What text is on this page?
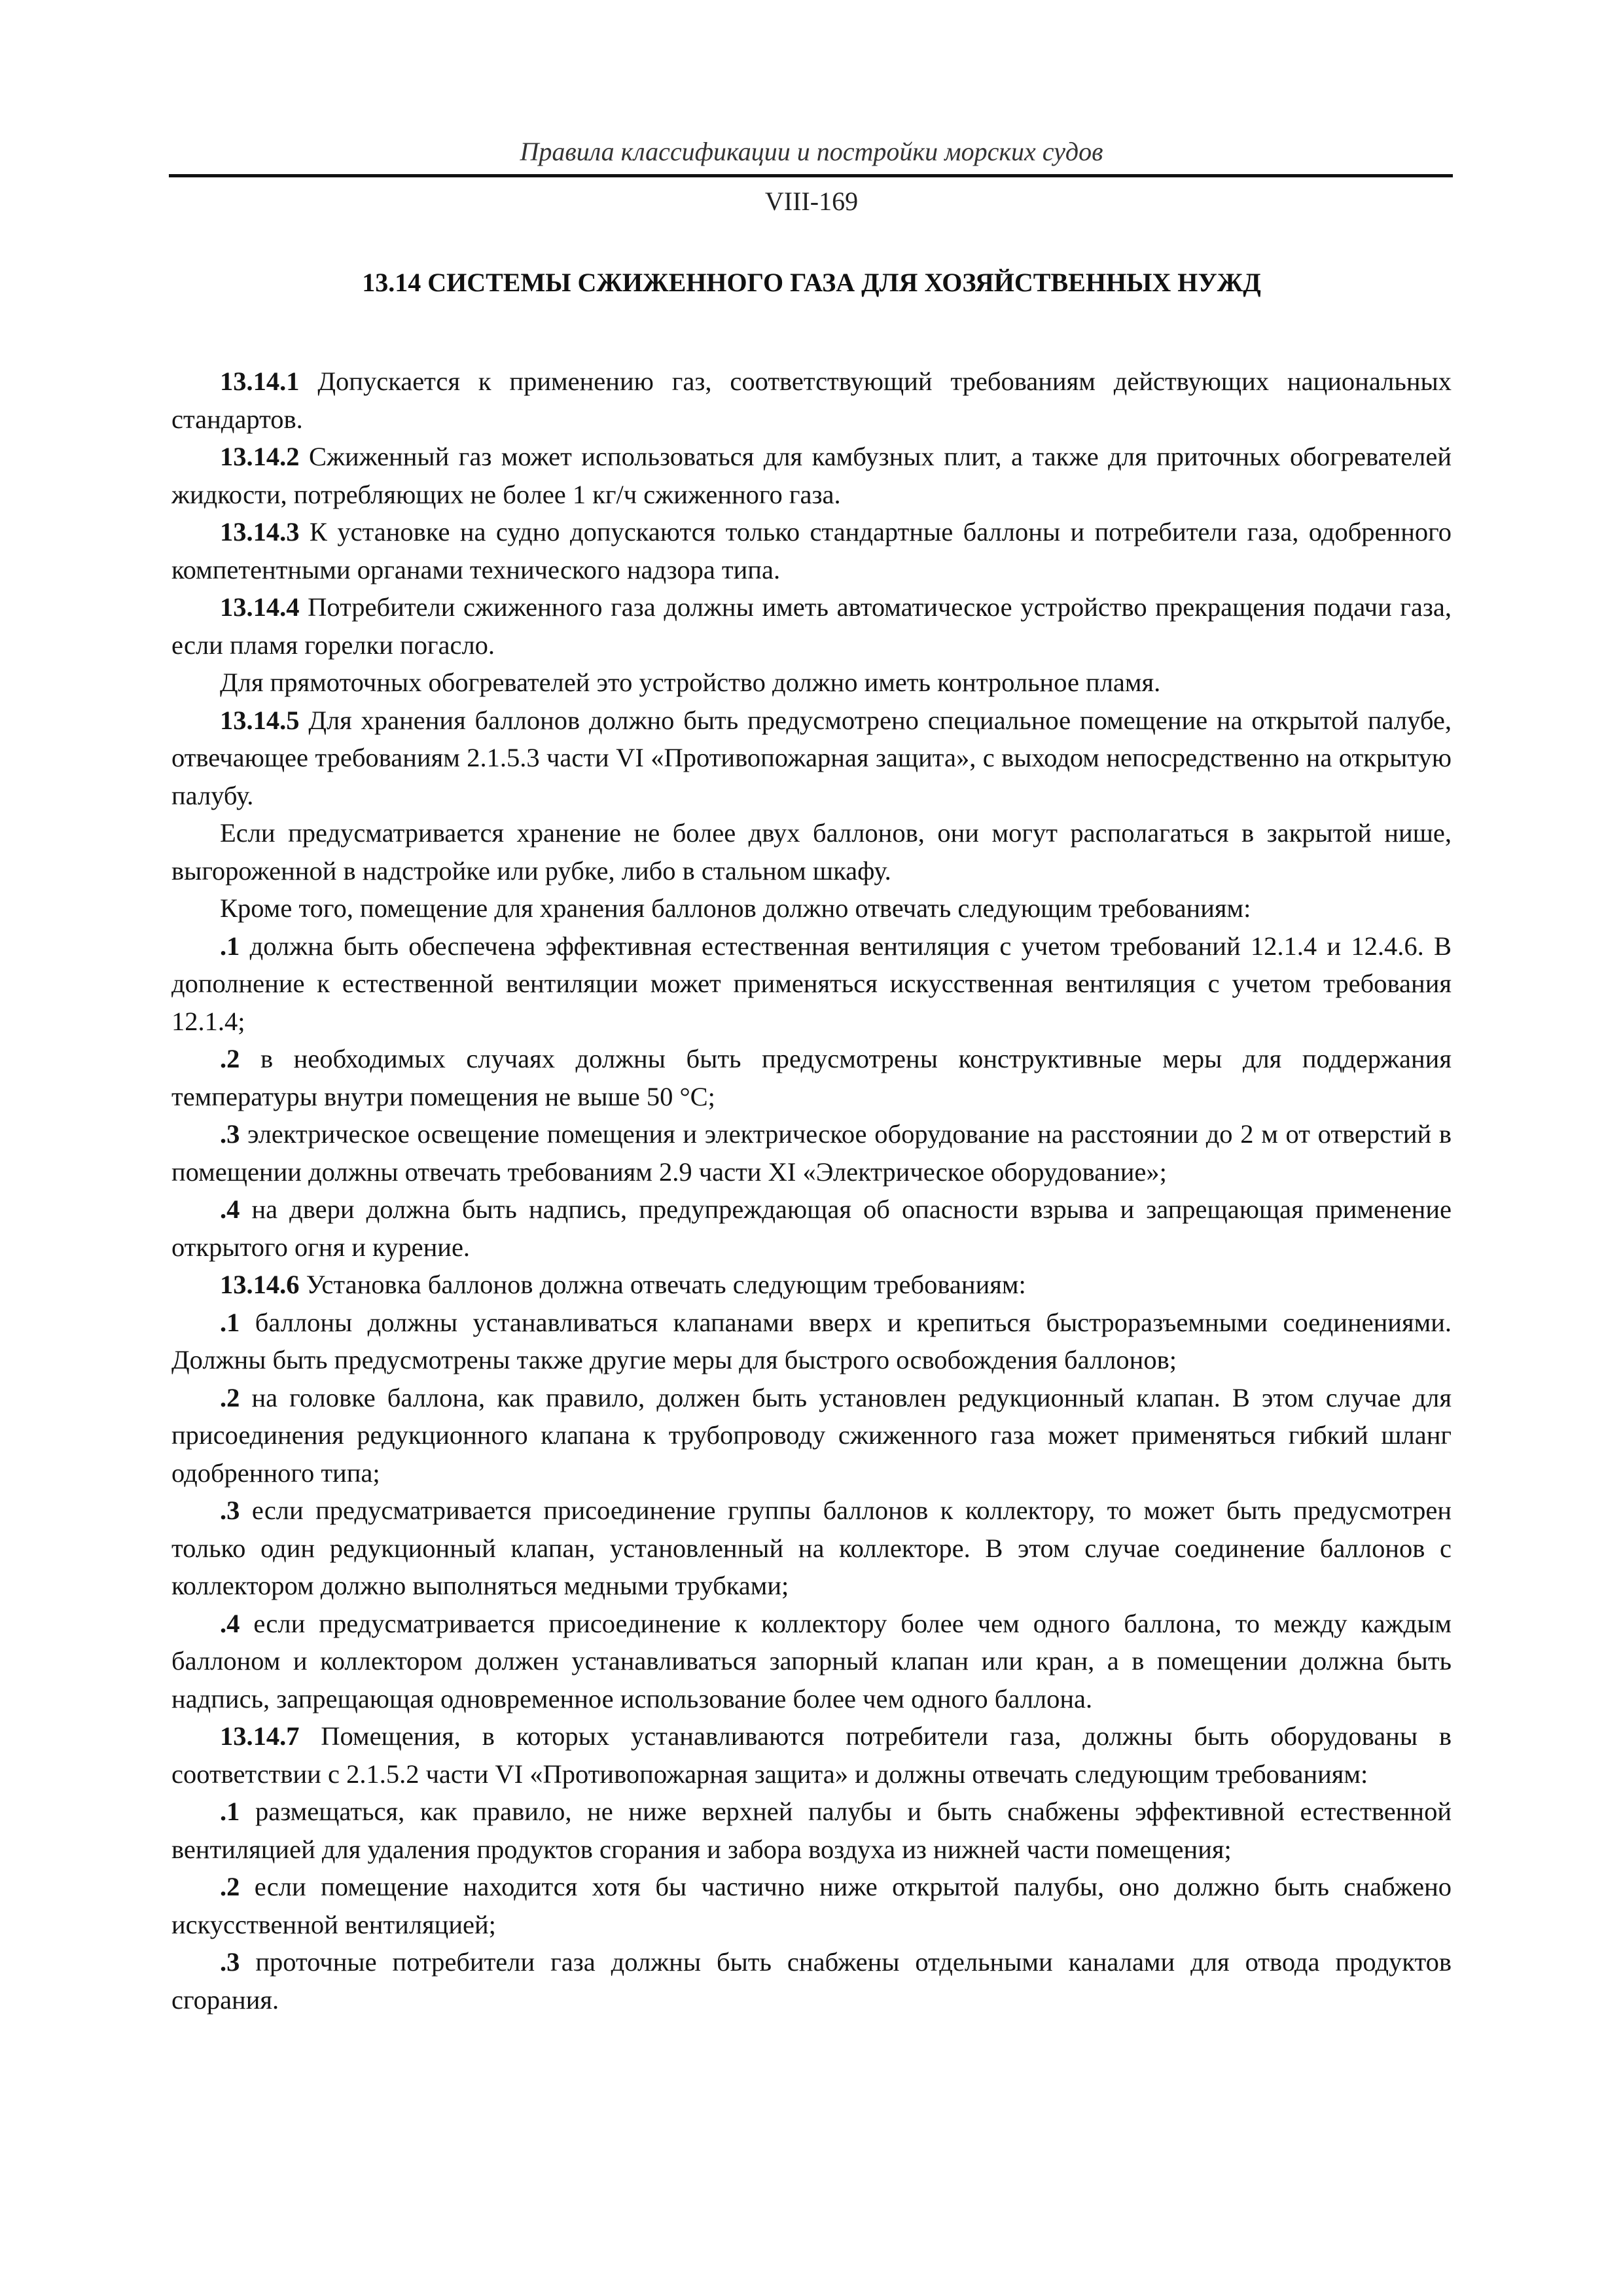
Правила классификации и постройки морских судов
VIII-169
13.14 СИСТЕМЫ СЖИЖЕННОГО ГАЗА ДЛЯ ХОЗЯЙСТВЕННЫХ НУЖД

13.14.1 Допускается к применению газ, соответствующий требованиям действующих национальных стандартов.

13.14.2 Сжиженный газ может использоваться для камбузных плит, а также для приточных обогревателей жидкости, потребляющих не более 1 кг/ч сжиженного газа.

13.14.3 К установке на судно допускаются только стандартные баллоны и потребители газа, одобренного компетентными органами технического надзора типа.

13.14.4 Потребители сжиженного газа должны иметь автоматическое устройство прекращения подачи газа, если пламя горелки погасло.

Для прямоточных обогревателей это устройство должно иметь контрольное пламя.

13.14.5 Для хранения баллонов должно быть предусмотрено специальное помещение на открытой палубе, отвечающее требованиям 2.1.5.3 части VI «Противопожарная защита», с выходом непосредственно на открытую палубу.

Если предусматривается хранение не более двух баллонов, они могут располагаться в закрытой нише, выгороженной в надстройке или рубке, либо в стальном шкафу.

Кроме того, помещение для хранения баллонов должно отвечать следующим требованиям:

.1 должна быть обеспечена эффективная естественная вентиляция с учетом требований 12.1.4 и 12.4.6. В дополнение к естественной вентиляции может применяться искусственная вентиляция с учетом требования 12.1.4;

.2 в необходимых случаях должны быть предусмотрены конструктивные меры для поддержания температуры внутри помещения не выше 50 °С;

.3 электрическое освещение помещения и электрическое оборудование на расстоянии до 2 м от отверстий в помещении должны отвечать требованиям 2.9 части XI «Электрическое оборудование»;

.4 на двери должна быть надпись, предупреждающая об опасности взрыва и запрещающая применение открытого огня и курение.

13.14.6 Установка баллонов должна отвечать следующим требованиям:

.1 баллоны должны устанавливаться клапанами вверх и крепиться быстроразъемными соединениями. Должны быть предусмотрены также другие меры для быстрого освобождения баллонов;

.2 на головке баллона, как правило, должен быть установлен редукционный клапан. В этом случае для присоединения редукционного клапана к трубопроводу сжиженного газа может применяться гибкий шланг одобренного типа;

.3 если предусматривается присоединение группы баллонов к коллектору, то может быть предусмотрен только один редукционный клапан, установленный на коллекторе. В этом случае соединение баллонов с коллектором должно выполняться медными трубками;

.4 если предусматривается присоединение к коллектору более чем одного баллона, то между каждым баллоном и коллектором должен устанавливаться запорный клапан или кран, а в помещении должна быть надпись, запрещающая одновременное использование более чем одного баллона.

13.14.7 Помещения, в которых устанавливаются потребители газа, должны быть оборудованы в соответствии с 2.1.5.2 части VI «Противопожарная защита» и должны отвечать следующим требованиям:

.1 размещаться, как правило, не ниже верхней палубы и быть снабжены эффективной естественной вентиляцией для удаления продуктов сгорания и забора воздуха из нижней части помещения;

.2 если помещение находится хотя бы частично ниже открытой палубы, оно должно быть снабжено искусственной вентиляцией;

.3 проточные потребители газа должны быть снабжены отдельными каналами для отвода продуктов сгорания.
